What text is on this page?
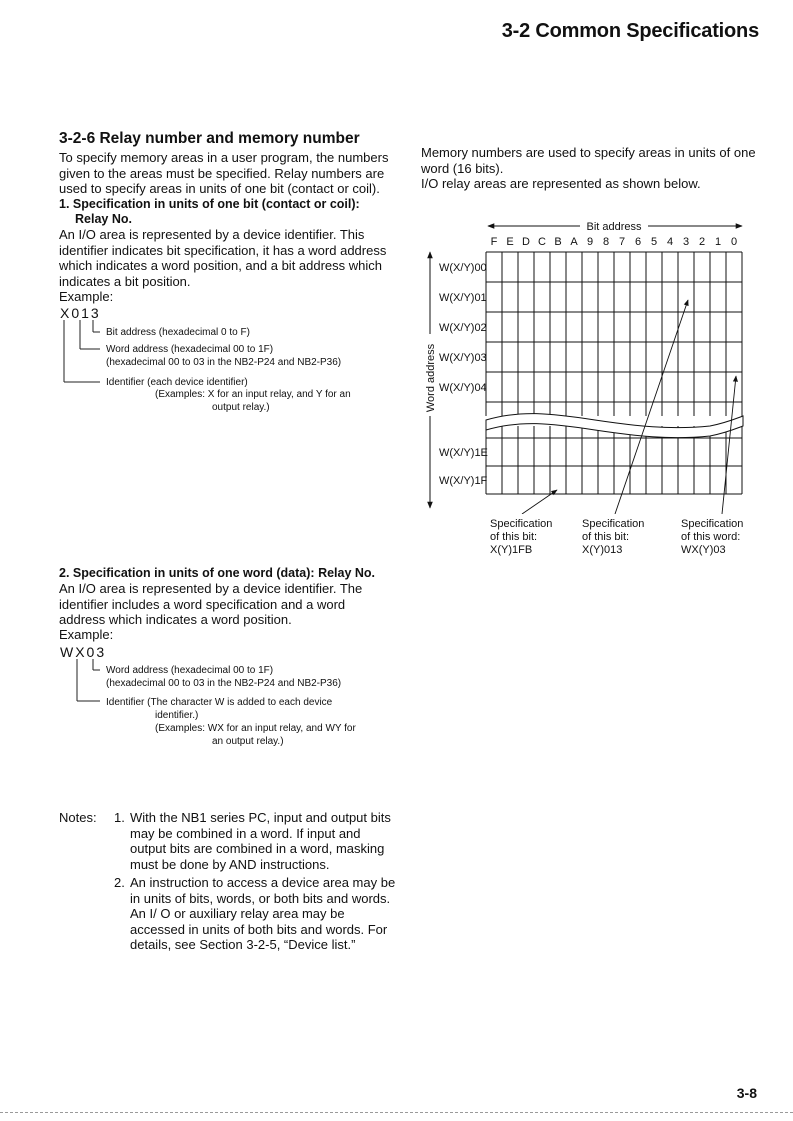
3-2 Common Specifications
3-2-6 Relay number and memory number
To specify memory areas in a user program, the numbers given to the areas must be specified. Relay numbers are used to specify areas in units of one bit (contact or coil).
1. Specification in units of one bit (contact or coil):
Relay No.
An I/O area is represented by a device identifier. This identifier indicates bit specification, it has a word address which indicates a word position, and a bit address which indicates a bit position.
Example:
X013
Bit address (hexadecimal 0 to F)
Word address (hexadecimal 00 to 1F)
(hexadecimal 00 to 03 in the NB2-P24 and NB2-P36)
Identifier (each device identifier)
(Examples: X for an input relay, and Y for an
output relay.)
2. Specification in units of one word (data): Relay No.
An I/O area is represented by a device identifier. The identifier includes a word specification and a word address which indicates a word position.
Example:
WX03
Word address (hexadecimal 00 to 1F)
(hexadecimal 00 to 03 in the NB2-P24 and NB2-P36)
Identifier (The character W is added to each device
identifier.)
(Examples: WX for an input relay, and WY for
an output relay.)
Notes:	1. With the NB1 series PC, input and output bits may be combined in a word. If input and output bits are combined in a word, masking must be done by AND instructions.
2. An instruction to access a device area may be in units of bits, words, or both bits and words. An I/ O or auxiliary relay area may be accessed in units of both bits and words. For details, see Section 3-2-5, “Device list.”
Memory numbers are used to specify areas in units of one word (16 bits).
I/O relay areas are represented as shown below.
Bit address
F E D C B A 9 8 7 6 5 4 3 2 1 0
Word address
W(X/Y)00
W(X/Y)01
W(X/Y)02
W(X/Y)03
W(X/Y)04
W(X/Y)1E
W(X/Y)1F
Specification
of this bit:
X(Y)1FB
Specification
of this bit:
X(Y)013
Specification
of this word:
WX(Y)03
3-8
